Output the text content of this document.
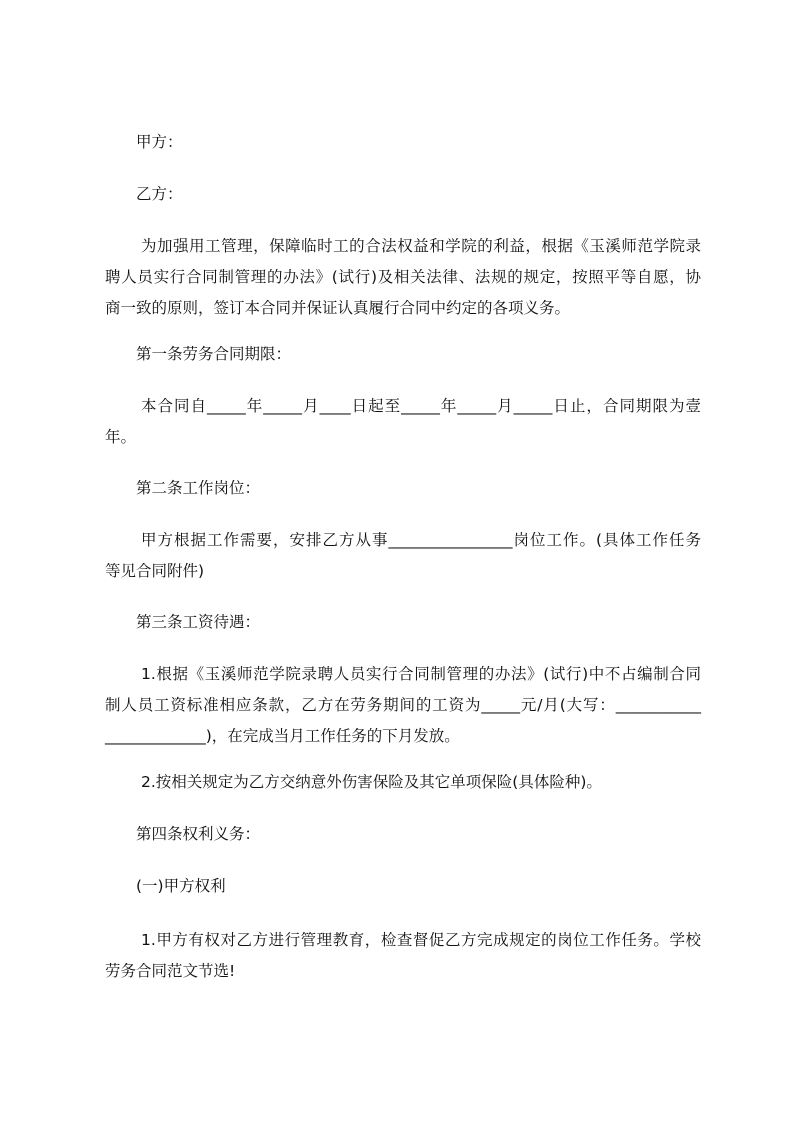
甲方：

乙方：

为加强用工管理，保障临时工的合法权益和学院的利益，根据《玉溪师范学院录
聘人员实行合同制管理的办法》(试行)及相关法律、法规的规定，按照平等自愿，协
商一致的原则，签订本合同并保证认真履行合同中约定的各项义务。

第一条劳务合同期限：

本合同自_____年_____月____日起至_____年_____月_____日止，合同期限为壹
年。

第二条工作岗位：

甲方根据工作需要，安排乙方从事________________岗位工作。(具体工作任务
等见合同附件)

第三条工资待遇：

1.根据《玉溪师范学院录聘人员实行合同制管理的办法》(试行)中不占编制合同
制人员工资标准相应条款，乙方在劳务期间的工资为_____元/月(大写：___________
_____________)，在完成当月工作任务的下月发放。

2.按相关规定为乙方交纳意外伤害保险及其它单项保险(具体险种)。

第四条权利义务：

(一)甲方权利

1.甲方有权对乙方进行管理教育，检查督促乙方完成规定的岗位工作任务。学校
劳务合同范文节选!
